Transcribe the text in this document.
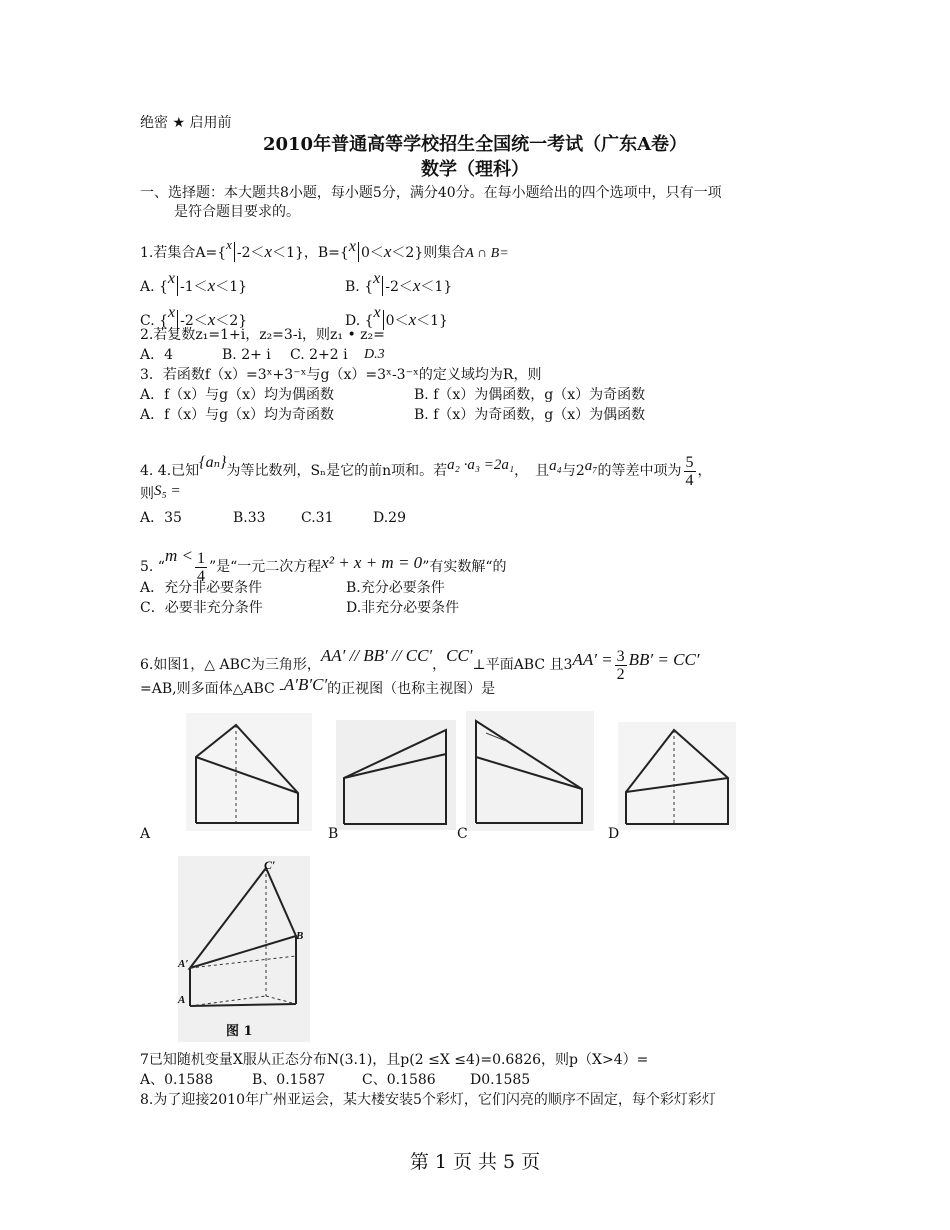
绝密 ★ 启用前
2010年普通高等学校招生全国统一考试（广东A卷）
数学（理科）
一、选择题：本大题共8小题，每小题5分，满分40分。在每小题给出的四个选项中，只有一项
是符合题目要求的。
1.若集合A={x-2＜x＜1}，B={x 0＜x＜2}则集合A ∩ B=
A. {x -1＜x＜1}	B. {x -2＜x＜1}
C. {x -2＜x＜2}	D. {x 0＜x＜1}
2.若复数z₁=1+i，z₂=3-i，则z₁ • z₂=
A．4	B. 2+ i C. 2+2 i D.3
3．若函数f（x）=3ˣ+3⁻ˣ与g（x）=3ˣ-3⁻ˣ的定义域均为R，则
A．f（x）与g（x）均为偶函数	B. f（x）为偶函数，g（x）为奇函数
A．f（x）与g（x）均为奇函数	B. f（x）为奇函数，g（x）为偶函数
4. 4.已知{aₙ}为等比数列，Sₙ是它的前n项和。若a₂ ·a₃ =2a₁，　且a₄与2a₇的等差中项为 $\frac{5}{4}$ ，
则S₅ =
A．35	B.33	C.31	D.29
5. “$m < \frac{1}{4}$ ”是“一元二次方程x² + x + m = 0”有实数解“的
A．充分非必要条件	B.充分必要条件
C．必要非充分条件	D.非充分必要条件
6.如图1，△ ABC为三角形，AA′ // BB′ // CC′，CC′⊥平面ABC 且$3AA' = \frac{3}{2} BB' = CC'$
=AB,则多面体△ABC -A′B′C′的正视图（也称主视图）是
A	B	C	D
C′
B
A′
A
图 1
7已知随机变量X服从正态分布N(3.1)，且p(2 ≤X ≤4)=0.6826，则p（X>4）=
A、0.1588	B、0.1587	C、0.1586 D0.1585
8.为了迎接2010年广州亚运会，某大楼安装5个彩灯，它们闪亮的顺序不固定，每个彩灯彩灯
第 1 页 共 5 页
